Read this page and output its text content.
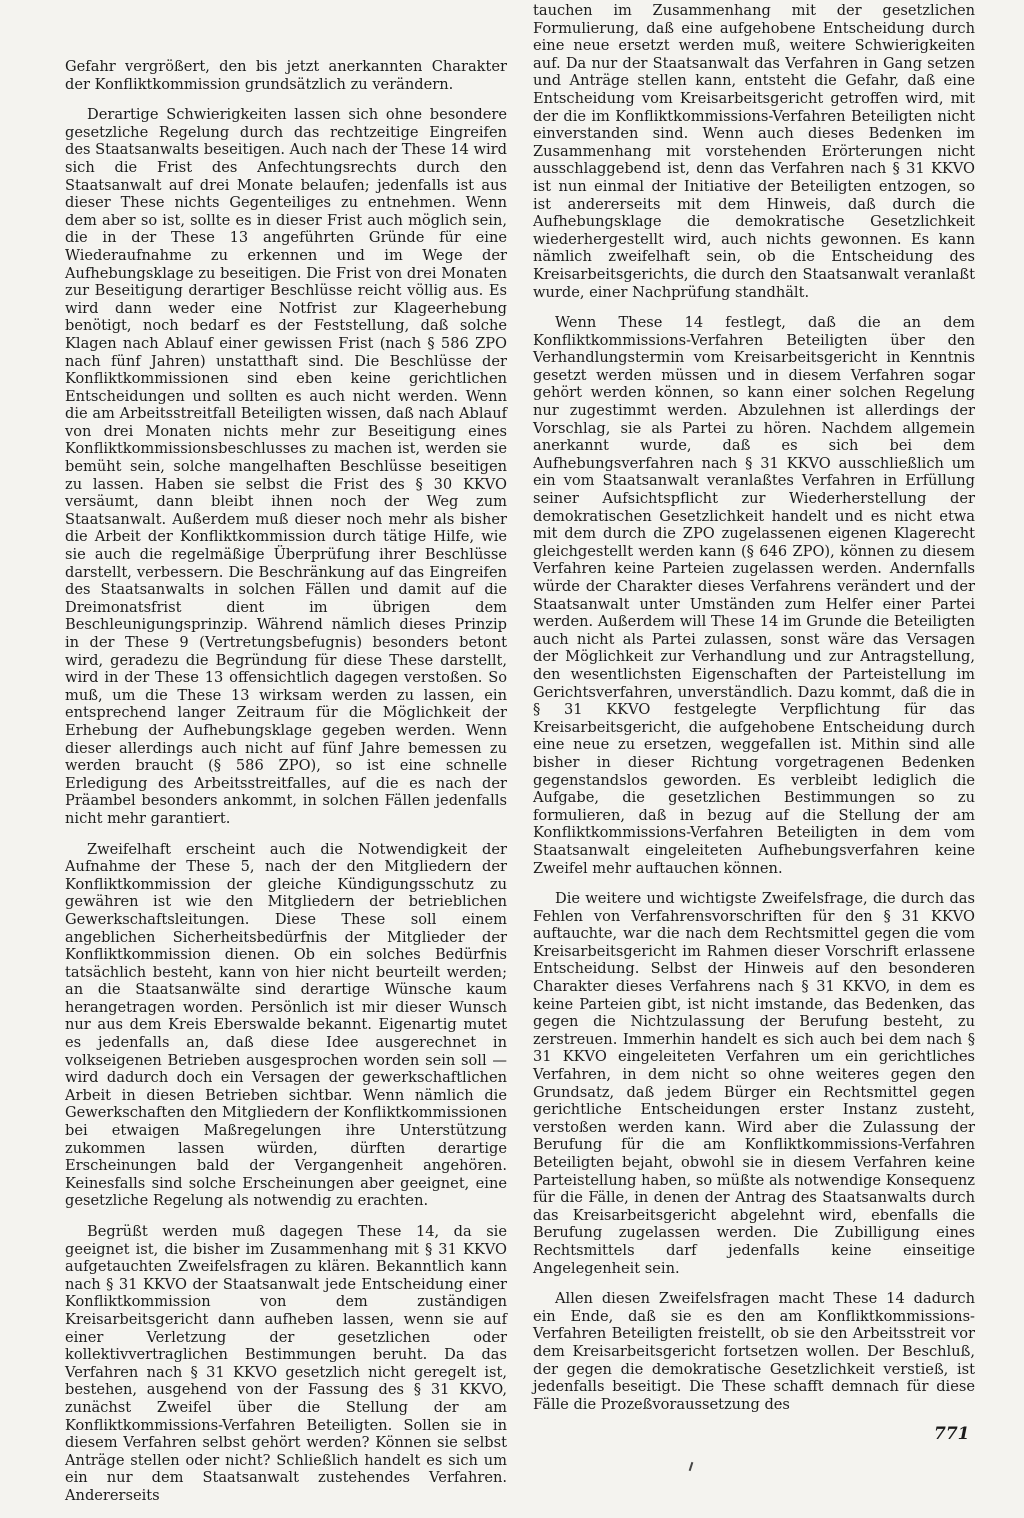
Gefahr vergrößert, den bis jetzt anerkannten Charakter der Konfliktkommission grundsätzlich zu verändern.

Derartige Schwierigkeiten lassen sich ohne besondere gesetzliche Regelung durch das rechtzeitige Eingreifen des Staatsanwalts beseitigen. Auch nach der These 14 wird sich die Frist des Anfechtungsrechts durch den Staatsanwalt auf drei Monate belaufen; jedenfalls ist aus dieser These nichts Gegenteiliges zu entnehmen. Wenn dem aber so ist, sollte es in dieser Frist auch möglich sein, die in der These 13 angeführten Gründe für eine Wiederaufnahme zu erkennen und im Wege der Aufhebungsklage zu beseitigen. Die Frist von drei Monaten zur Beseitigung derartiger Beschlüsse reicht völlig aus. Es wird dann weder eine Notfrist zur Klageerhebung benötigt, noch bedarf es der Feststellung, daß solche Klagen nach Ablauf einer gewissen Frist (nach § 586 ZPO nach fünf Jahren) unstatthaft sind. Die Beschlüsse der Konfliktkommissionen sind eben keine gerichtlichen Entscheidungen und sollten es auch nicht werden. Wenn die am Arbeitsstreitfall Beteiligten wissen, daß nach Ablauf von drei Monaten nichts mehr zur Beseitigung eines Konfliktkommissionsbeschlusses zu machen ist, werden sie bemüht sein, solche mangelhaften Beschlüsse beseitigen zu lassen. Haben sie selbst die Frist des § 30 KKVO versäumt, dann bleibt ihnen noch der Weg zum Staatsanwalt. Außerdem muß dieser noch mehr als bisher die Arbeit der Konfliktkommission durch tätige Hilfe, wie sie auch die regelmäßige Überprüfung ihrer Beschlüsse darstellt, verbessern. Die Beschränkung auf das Eingreifen des Staatsanwalts in solchen Fällen und damit auf die Dreimonatsfrist dient im übrigen dem Beschleunigungsprinzip. Während nämlich dieses Prinzip in der These 9 (Vertretungsbefugnis) besonders betont wird, geradezu die Begründung für diese These darstellt, wird in der These 13 offensichtlich dagegen verstoßen. So muß, um die These 13 wirksam werden zu lassen, ein entsprechend langer Zeitraum für die Möglichkeit der Erhebung der Aufhebungsklage gegeben werden. Wenn dieser allerdings auch nicht auf fünf Jahre bemessen zu werden braucht (§ 586 ZPO), so ist eine schnelle Erledigung des Arbeitsstreitfalles, auf die es nach der Präambel besonders ankommt, in solchen Fällen jedenfalls nicht mehr garantiert.

Zweifelhaft erscheint auch die Notwendigkeit der Aufnahme der These 5, nach der den Mitgliedern der Konfliktkommission der gleiche Kündigungsschutz zu gewähren ist wie den Mitgliedern der betrieblichen Gewerkschaftsleitungen. Diese These soll einem angeblichen Sicherheitsbedürfnis der Mitglieder der Konfliktkommission dienen. Ob ein solches Bedürfnis tatsächlich besteht, kann von hier nicht beurteilt werden; an die Staatsanwälte sind derartige Wünsche kaum herangetragen worden. Persönlich ist mir dieser Wunsch nur aus dem Kreis Eberswalde bekannt. Eigenartig mutet es jedenfalls an, daß diese Idee ausgerechnet in volkseigenen Betrieben ausgesprochen worden sein soll — wird dadurch doch ein Versagen der gewerkschaftlichen Arbeit in diesen Betrieben sichtbar. Wenn nämlich die Gewerkschaften den Mitgliedern der Konfliktkommissionen bei etwaigen Maßregelungen ihre Unterstützung zukommen lassen würden, dürften derartige Erscheinungen bald der Vergangenheit angehören. Keinesfalls sind solche Erscheinungen aber geeignet, eine gesetzliche Regelung als notwendig zu erachten.

Begrüßt werden muß dagegen These 14, da sie geeignet ist, die bisher im Zusammenhang mit § 31 KKVO aufgetauchten Zweifelsfragen zu klären. Bekanntlich kann nach § 31 KKVO der Staatsanwalt jede Entscheidung einer Konfliktkommission von dem zuständigen Kreisarbeitsgericht dann aufheben lassen, wenn sie auf einer Verletzung der gesetzlichen oder kollektivvertraglichen Bestimmungen beruht. Da das Verfahren nach § 31 KKVO gesetzlich nicht geregelt ist, bestehen, ausgehend von der Fassung des § 31 KKVO, zunächst Zweifel über die Stellung der am Konfliktkommissions-Verfahren Beteiligten. Sollen sie in diesem Verfahren selbst gehört werden? Können sie selbst Anträge stellen oder nicht? Schließlich handelt es sich um ein nur dem Staatsanwalt zustehendes Verfahren. Andererseits

tauchen im Zusammenhang mit der gesetzlichen Formulierung, daß eine aufgehobene Entscheidung durch eine neue ersetzt werden muß, weitere Schwierigkeiten auf. Da nur der Staatsanwalt das Verfahren in Gang setzen und Anträge stellen kann, entsteht die Gefahr, daß eine Entscheidung vom Kreisarbeitsgericht getroffen wird, mit der die im Konfliktkommissions-Verfahren Beteiligten nicht einverstanden sind. Wenn auch dieses Bedenken im Zusammenhang mit vorstehenden Erörterungen nicht ausschlaggebend ist, denn das Verfahren nach § 31 KKVO ist nun einmal der Initiative der Beteiligten entzogen, so ist andererseits mit dem Hinweis, daß durch die Aufhebungsklage die demokratische Gesetzlichkeit wiederhergestellt wird, auch nichts gewonnen. Es kann nämlich zweifelhaft sein, ob die Entscheidung des Kreisarbeitsgerichts, die durch den Staatsanwalt veranlaßt wurde, einer Nachprüfung standhält.

Wenn These 14 festlegt, daß die an dem Konfliktkommissions-Verfahren Beteiligten über den Verhandlungstermin vom Kreisarbeitsgericht in Kenntnis gesetzt werden müssen und in diesem Verfahren sogar gehört werden können, so kann einer solchen Regelung nur zugestimmt werden. Abzulehnen ist allerdings der Vorschlag, sie als Partei zu hören. Nachdem allgemein anerkannt wurde, daß es sich bei dem Aufhebungsverfahren nach § 31 KKVO ausschließlich um ein vom Staatsanwalt veranlaßtes Verfahren in Erfüllung seiner Aufsichtspflicht zur Wiederherstellung der demokratischen Gesetzlichkeit handelt und es nicht etwa mit dem durch die ZPO zugelassenen eigenen Klagerecht gleichgestellt werden kann (§ 646 ZPO), können zu diesem Verfahren keine Parteien zugelassen werden. Andernfalls würde der Charakter dieses Verfahrens verändert und der Staatsanwalt unter Umständen zum Helfer einer Partei werden. Außerdem will These 14 im Grunde die Beteiligten auch nicht als Partei zulassen, sonst wäre das Versagen der Möglichkeit zur Verhandlung und zur Antragstellung, den wesentlichsten Eigenschaften der Parteistellung im Gerichtsverfahren, unverständlich. Dazu kommt, daß die in § 31 KKVO festgelegte Verpflichtung für das Kreisarbeitsgericht, die aufgehobene Entscheidung durch eine neue zu ersetzen, weggefallen ist. Mithin sind alle bisher in dieser Richtung vorgetragenen Bedenken gegenstandslos geworden. Es verbleibt lediglich die Aufgabe, die gesetzlichen Bestimmungen so zu formulieren, daß in bezug auf die Stellung der am Konfliktkommissions-Verfahren Beteiligten in dem vom Staatsanwalt eingeleiteten Aufhebungsverfahren keine Zweifel mehr auftauchen können.

Die weitere und wichtigste Zweifelsfrage, die durch das Fehlen von Verfahrensvorschriften für den § 31 KKVO auftauchte, war die nach dem Rechtsmittel gegen die vom Kreisarbeitsgericht im Rahmen dieser Vorschrift erlassene Entscheidung. Selbst der Hinweis auf den besonderen Charakter dieses Verfahrens nach § 31 KKVO, in dem es keine Parteien gibt, ist nicht imstande, das Bedenken, das gegen die Nichtzulassung der Berufung besteht, zu zerstreuen. Immerhin handelt es sich auch bei dem nach § 31 KKVO eingeleiteten Verfahren um ein gerichtliches Verfahren, in dem nicht so ohne weiteres gegen den Grundsatz, daß jedem Bürger ein Rechtsmittel gegen gerichtliche Entscheidungen erster Instanz zusteht, verstoßen werden kann. Wird aber die Zulassung der Berufung für die am Konfliktkommissions-Verfahren Beteiligten bejaht, obwohl sie in diesem Verfahren keine Parteistellung haben, so müßte als notwendige Konsequenz für die Fälle, in denen der Antrag des Staatsanwalts durch das Kreisarbeitsgericht abgelehnt wird, ebenfalls die Berufung zugelassen werden. Die Zubilligung eines Rechtsmittels darf jedenfalls keine einseitige Angelegenheit sein.

Allen diesen Zweifelsfragen macht These 14 dadurch ein Ende, daß sie es den am Konfliktkommissions-Verfahren Beteiligten freistellt, ob sie den Arbeitsstreit vor dem Kreisarbeitsgericht fortsetzen wollen. Der Beschluß, der gegen die demokratische Gesetzlichkeit verstieß, ist jedenfalls beseitigt. Die These schafft demnach für diese Fälle die Prozeßvoraussetzung des

771
